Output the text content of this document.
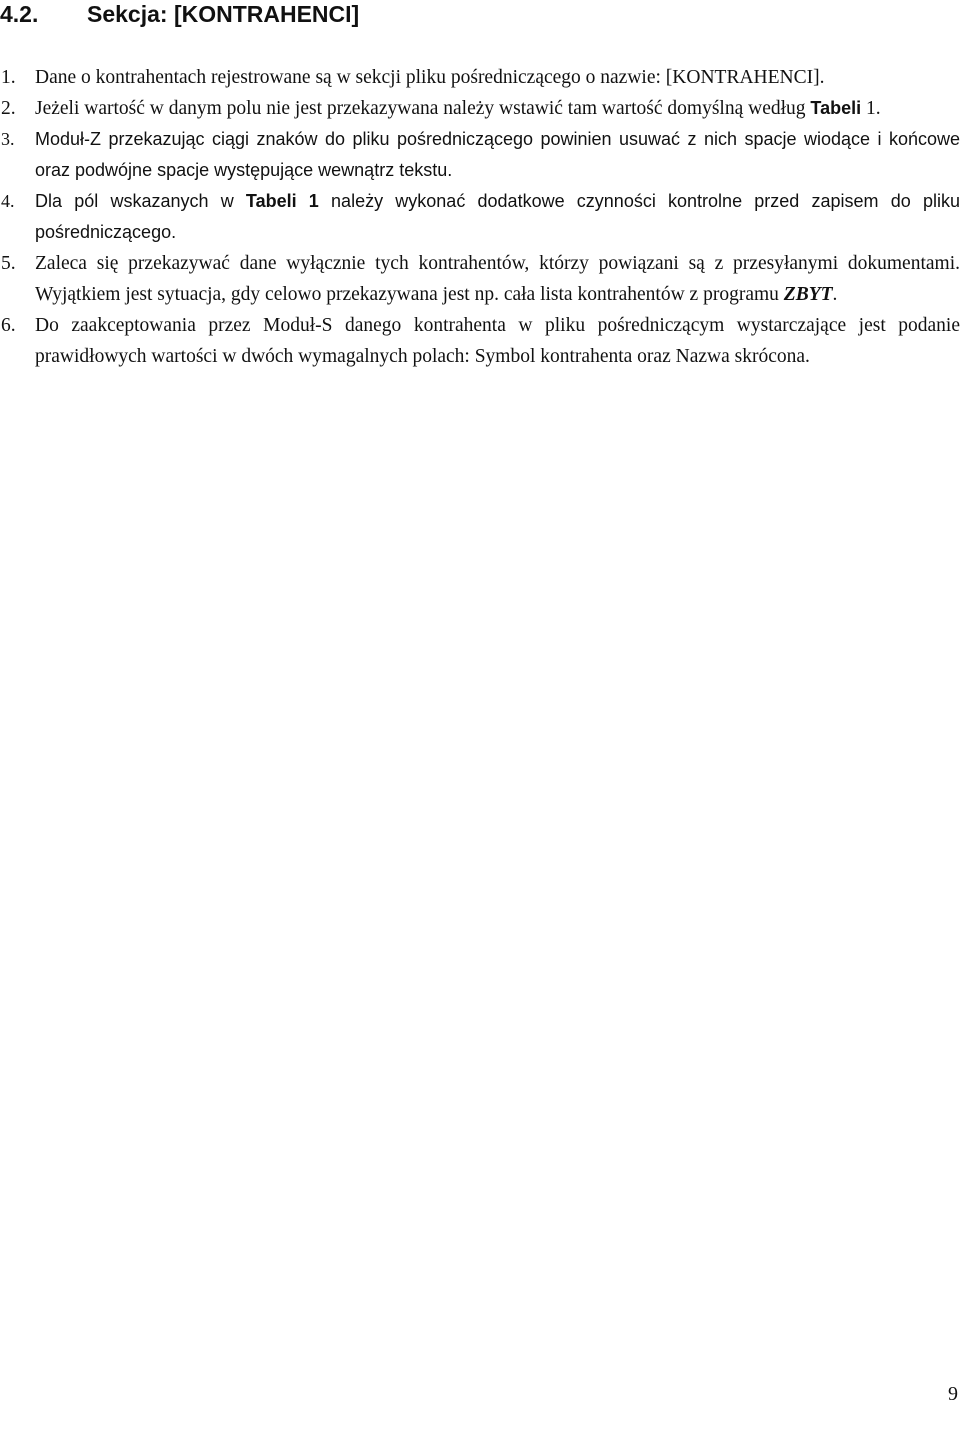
4.2. Sekcja: [KONTRAHENCI]
1. Dane o kontrahentach rejestrowane są w sekcji pliku pośredniczącego o nazwie: [KONTRAHENCI].
2. Jeżeli wartość w danym polu nie jest przekazywana należy wstawić tam wartość domyślną według Tabeli 1.
3. Moduł-Z przekazując ciągi znaków do pliku pośredniczącego powinien usuwać z nich spacje wiodące i końcowe oraz podwójne spacje występujące wewnątrz tekstu.
4. Dla pól wskazanych w Tabeli 1 należy wykonać dodatkowe czynności kontrolne przed zapisem do pliku pośredniczącego.
5. Zaleca się przekazywać dane wyłącznie tych kontrahentów, którzy powiązani są z przesyłanymi dokumentami. Wyjątkiem jest sytuacja, gdy celowo przekazywana jest np. cała lista kontrahentów z programu ZBYT.
6. Do zaakceptowania przez Moduł-S danego kontrahenta w pliku pośredniczącym wystarczające jest podanie prawidłowych wartości w dwóch wymagalnych polach: Symbol kontrahenta oraz Nazwa skrócona.
9
